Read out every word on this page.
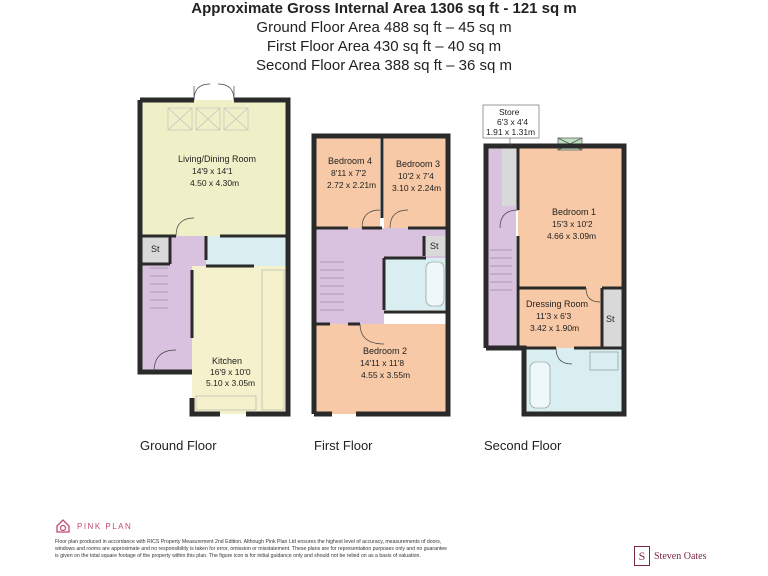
Approximate Gross Internal Area 1306 sq ft - 121 sq m
Ground Floor Area 488 sq ft – 45 sq m
First Floor Area 430 sq ft – 40 sq m
Second Floor Area 388 sq ft – 36 sq m
Living/Dining Room
14'9 x 14'1
4.50 x 4.30m
St
Kitchen
16'9 x 10'0
5.10 x 3.05m
Ground Floor
Bedroom 4
8'11 x 7'2
2.72 x 2.21m
Bedroom 3
10'2 x 7'4
3.10 x 2.24m
St
Bedroom 2
14'11 x 11'8
4.55 x 3.55m
First Floor
Store
6'3 x 4'4
1.91 x 1.31m
Bedroom 1
15'3 x 10'2
4.66 x 3.09m
Dressing Room
11'3 x 6'3
3.42 x 1.90m
St
Second Floor
PINK PLAN
Floor plan produced in accordance with RICS Property Measurement 2nd Edition. Although Pink Plan Ltd ensures the highest level of accuracy, measurements of doors, windows and rooms are approximate and no responsibility is taken for error, omission or misstatement. These plans are for representation purposes only and no guarantee is given on the total square footage of the property within this plan. The figure icon is for initial guidance only and should not be relied on as a basis of valuation.	S Steven Oates
